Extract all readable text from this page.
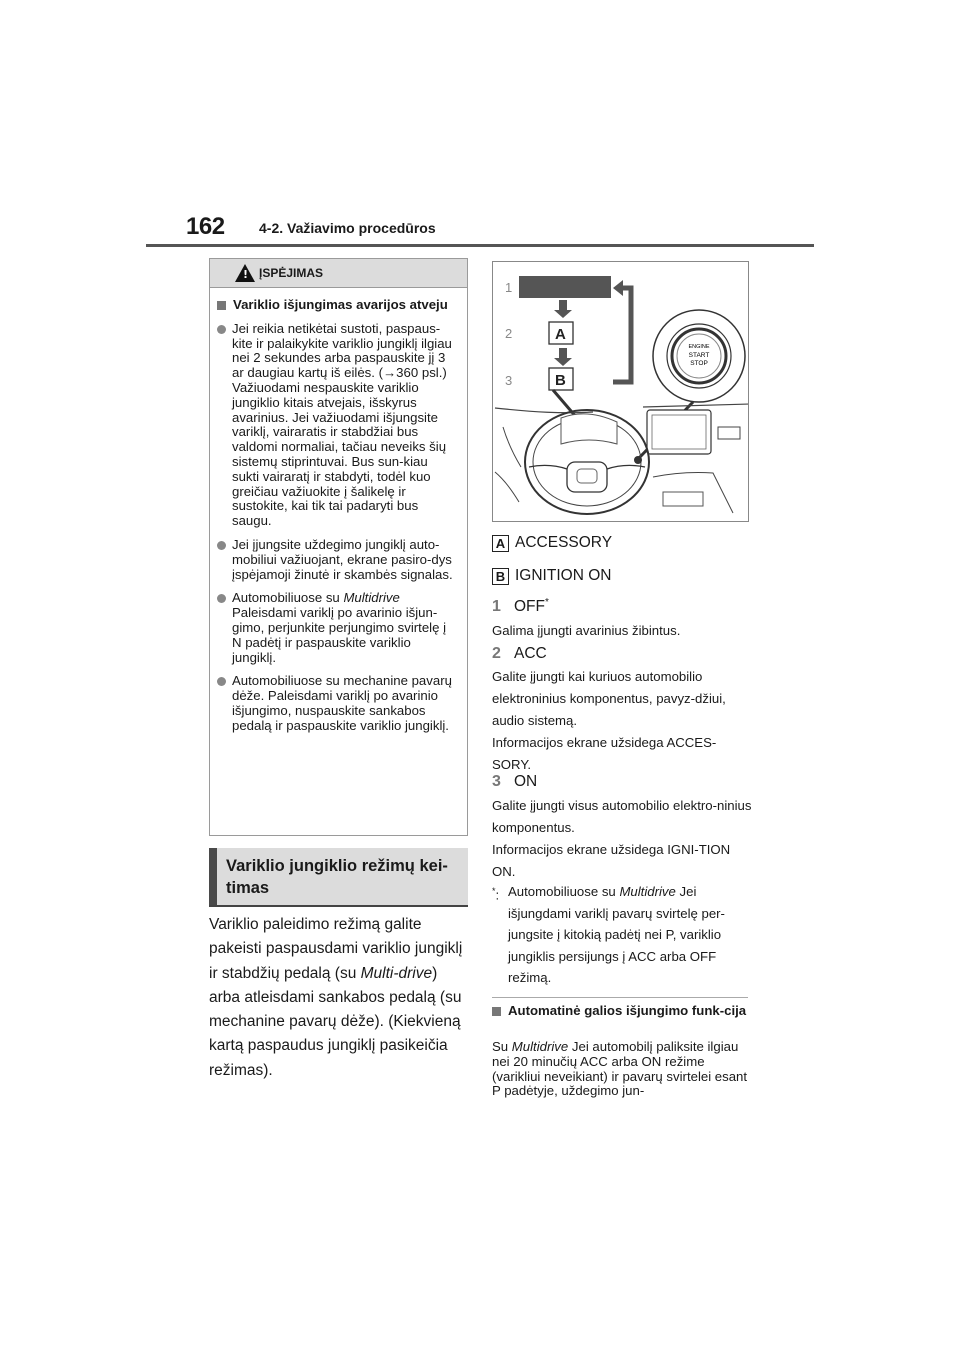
162 4-2. Važiavimo procedūros
!
ĮSPĖJIMAS
Variklio išjungimas avarijos atveju
Jei reikia netikėtai sustoti, paspaus-kite ir palaikykite variklio jungiklį ilgiau nei 2 sekundes arba paspauskite jį 3 ar daugiau kartų iš eilės. (→360 psl.) Važiuodami nespauskite variklio jungiklio kitais atvejais, išskyrus avarinius. Jei važiuodami išjungsite variklį, vairaratis ir stabdžiai bus valdomi normaliai, tačiau neveiks šių sistemų stiprintuvai. Bus sun-kiau sukti vairaratį ir stabdyti, todėl kuo greičiau važiuokite į šalikelę ir sustokite, kai tik tai padaryti bus saugu.
Jei įjungsite uždegimo jungiklį auto-mobiliui važiuojant, ekrane pasiro-dys įspėjamoji žinutė ir skambės signalas.
Automobiliuose su Multidrive Paleisdami variklį po avarinio išjun-gimo, perjunkite perjungimo svirtelę į N padėtį ir paspauskite variklio jungiklį.
Automobiliuose su mechanine pavarų dėže. Paleisdami variklį po avarinio išjungimo, nuspauskite sankabos pedalą ir paspauskite variklio jungiklį.
Variklio jungiklio režimų kei-timas
Variklio paleidimo režimą galite pakeisti paspausdami variklio jungiklį ir stabdžių pedalą (su Multi-drive) arba atleisdami sankabos pedalą (su mechanine pavarų dėže). (Kiekvieną kartą paspaudus jungiklį pasikeičia režimas).
1
A
2
B
3
ENGINE
START
STOP
A ACCESSORY
B IGNITION ON
1 OFF*
Galima įjungti avarinius žibintus.
2 ACC
Galite įjungti kai kuriuos automobilio elektroninius komponentus, pavyz-džiui, audio sistemą.
Informacijos ekrane užsidega ACCES-SORY.
3 ON
Galite įjungti visus automobilio elektro-ninius komponentus.
Informacijos ekrane užsidega IGNI-TION ON.
*: Automobiliuose su Multidrive Jei išjungdami variklį pavarų svirtelę per-jungsite į kitokią padėtį nei P, variklio jungiklis persijungs į ACC arba OFF režimą.
Automatinė galios išjungimo funk-cija
Su Multidrive Jei automobilį paliksite ilgiau nei 20 minučių ACC arba ON režime (varikliui neveikiant) ir pavarų svirtelei esant P padėtyje, uždegimo jun-
